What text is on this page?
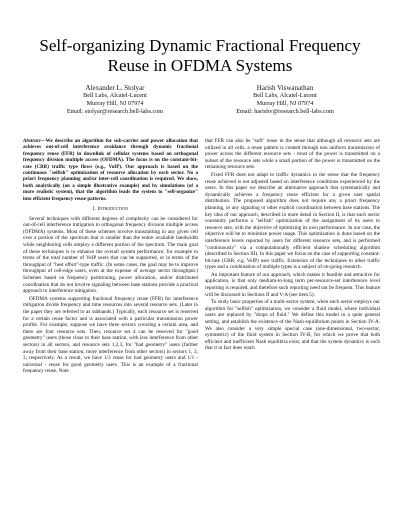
Self-organizing Dynamic Fractional Frequency Reuse in OFDMA Systems
Alexander L. Stolyar
Bell Labs, Alcatel-Lucent
Murray Hill, NJ 07974
Email: stolyar@research.bell-labs.com
Harish Viswanathan
Bell Labs, Alcatel-Lucent
Murray Hill, NJ 07974
Email: harishv@research.bell-labs.com
Abstract—We describe an algorithm for sub-carrier and power allocation that achieves out-of-cell interference avoidance through dynamic fractional frequency reuse (FFR) in downlink of cellular systems based on orthogonal frequency division multiple access (OFDMA). The focus is on the constant-bit-rate (CBR) traffic type flows (e.g., VoIP). Our approach is based on the continuous "selfish" optimization of resource allocation by each sector. No a priori frequency planning and/or inter-cell coordination is required. We show, both analytically (on a simple illustrative example) and by simulations (of a more realistic system), that the algorithm leads the system to "self-organize" into efficient frequency reuse patterns.
I. Introduction

Several techniques with different degrees of complexity can be considered for out-of-cell interference mitigation in orthogonal frequency division multiple access (OFDMA) systems. Most of these schemes involve transmitting in any given cell over a portion of the spectrum that is smaller than the entire available bandwidth while neighboring cells employ a different portion of the spectrum. The main goal of these techniques is to enhance the overall system performance, for example in terms of the total number of VoIP users that can be supported, or in terms of the throughput of "best effort"-type traffic. (In some cases, the goal may be to improve throughput of cell-edge users, even at the expense of average sector throughput.) Schemes based on frequency partitioning, power allocation, and/or distributed coordination that do not involve signaling between base stations provide a practical approach to interference mitigation.

OFDMA systems supporting fractional frequency reuse (FFR) for interference mitigation divide frequency and time resources into several resource sets. (Later in the paper they are referred to as subbands.) Typically, each resource set is reserved for a certain reuse factor and is associated with a particular transmission power profile. For example, suppose we have three sectors covering a certain area, and there are four resource sets. Then, resource set 4 can be reserved for "good geometry" users (those close to their base station, with less interference from other sectors) in all sectors, and resource sets 1,2,3, for "bad geometry" users (further away from their base station, more interference from other sectors) in sectors 1, 2, 3, respectively. As a result, we have 1/3 reuse for bad geometry users and 1/1 - universal - reuse for good geometry users. This is an example of a fractional frequency reuse. Note

that FFR can also be "soft" reuse in the sense that although all resource sets are utilized in all cells, a reuse pattern is created through non uniform transmission of power across the different resource sets - most of the power is transmitted on a subset of the resource sets while a small portion of the power is transmitted on the remaining resource sets.

Fixed FFR does not adapt to traffic dynamics in the sense that the frequency reuse achieved is not adjusted based on interference conditions experienced by the users. In this paper we describe an alternative approach that systematically and dynamically achieves a frequency reuse efficient for a given user spatial distribution. The proposed algorithm does not require any a priori frequency planning, or any signaling or other explicit coordination between base stations. The key idea of our approach, described in more detail in Section II, is that each sector constantly performs a "selfish" optimization of the assignment of its users to resource sets, with the objective of optimizing its own performance. In our case, the objective will be to minimize power usage. This optimization is done based on the interference levels reported by users for different resource sets, and is performed "continuously" via a computationally efficient shadow scheduling algorithm (described in Section III). In this paper we focus on the case of supporting constant-bit-rate (CBR, e.g. VoIP) user traffic. Extension of the techniques to other traffic types and a combination of multiple types is a subject of on-going research.

An important feature of our approach, which makes it feasible and attractive for application, is that only medium-to-long term per-resource-set interference level reporting is required, and therefore such reporting need not be frequent. This feature will be discussed in Sections II and V-A (see item 5).

To study basic properties of a multi-sector system, when each sector employs our algorithm for "selfish" optimization, we consider a fluid model, where individual users are replaced by "drops of fluid." We define this model in a quite general setting, and establish the existence of the Nash equilibrium points in Section IV-A. We also consider a very simple special case (one-dimensional, two-sector, symmetric) of the fluid system in Section IV-B, for which we prove that both efficient and inefficient Nash equilibria exist, and that the system dynamics is such that it in fact does reach
